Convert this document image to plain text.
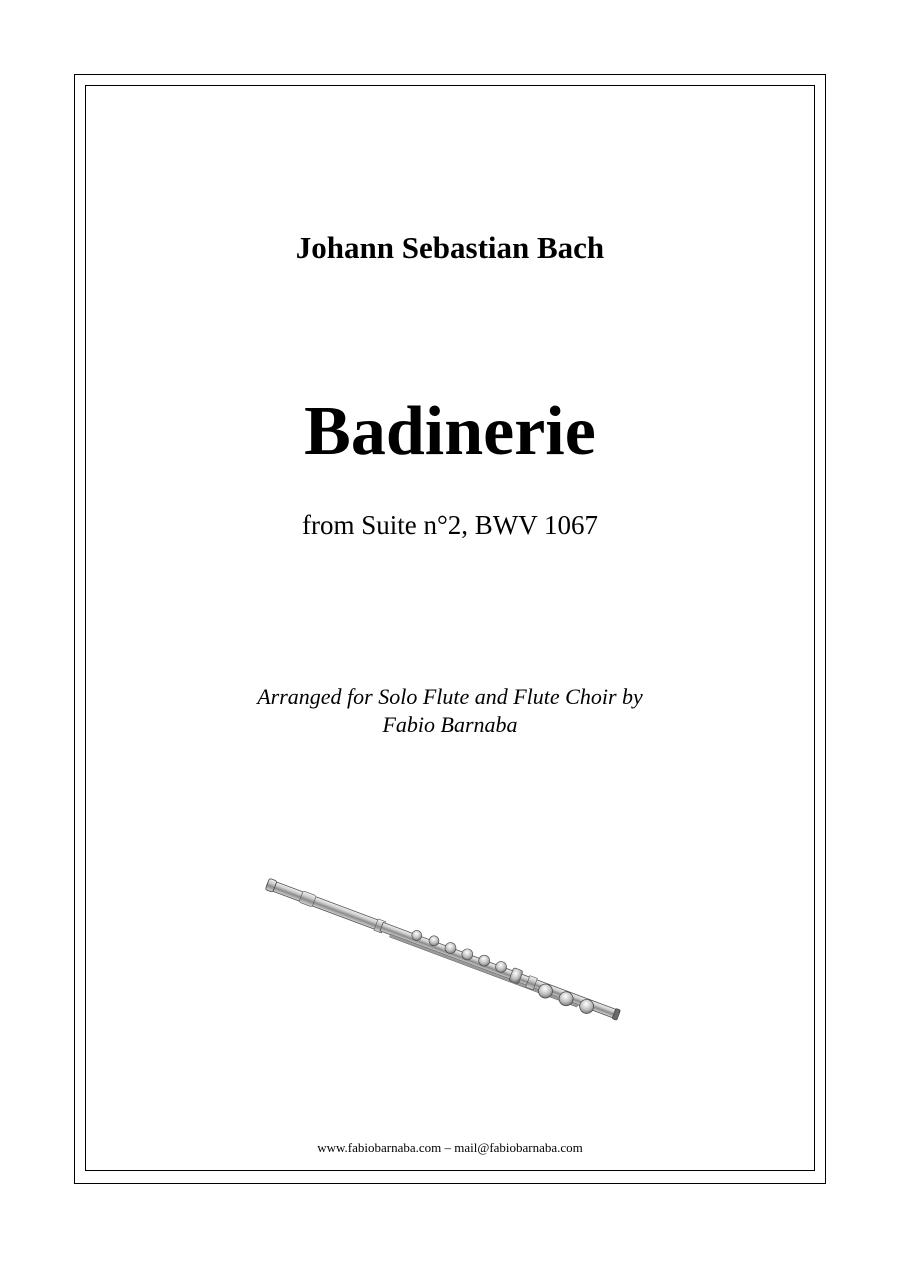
Johann Sebastian Bach
Badinerie
from Suite n°2, BWV 1067
Arranged for Solo Flute and Flute Choir by
Fabio Barnaba
www.fabiobarnaba.com – mail@fabiobarnaba.com
